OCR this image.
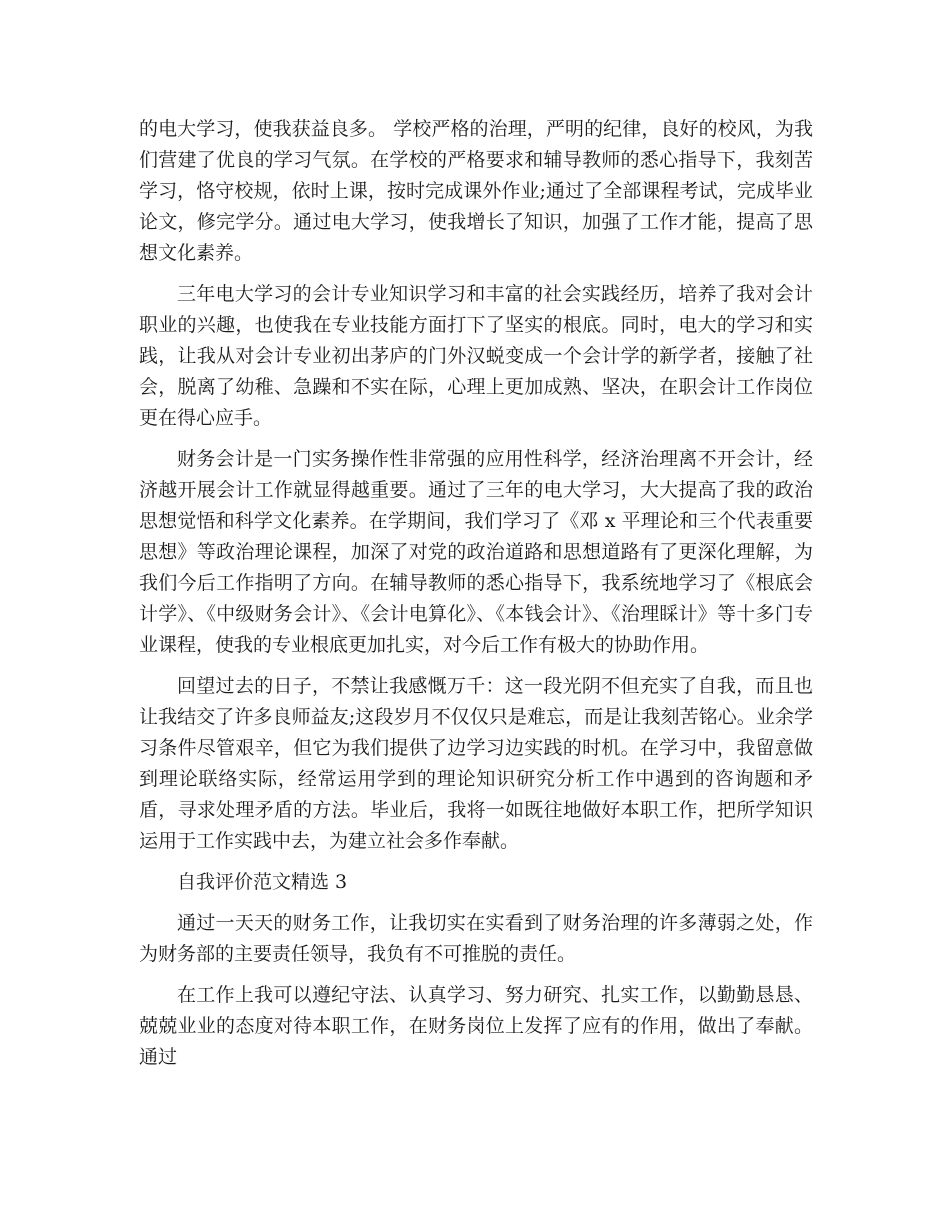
的电大学习，使我获益良多。 学校严格的治理，严明的纪律，良好的校风，为我们营建了优良的学习气氛。在学校的严格要求和辅导教师的悉心指导下，我刻苦学习，恪守校规，依时上课，按时完成课外作业;通过了全部课程考试，完成毕业论文，修完学分。通过电大学习，使我增长了知识，加强了工作才能，提高了思想文化素养。

三年电大学习的会计专业知识学习和丰富的社会实践经历，培养了我对会计职业的兴趣，也使我在专业技能方面打下了坚实的根底。同时，电大的学习和实践，让我从对会计专业初出茅庐的门外汉蜕变成一个会计学的新学者，接触了社会，脱离了幼稚、急躁和不实在际，心理上更加成熟、坚决，在职会计工作岗位更在得心应手。

财务会计是一门实务操作性非常强的应用性科学，经济治理离不开会计，经济越开展会计工作就显得越重要。通过了三年的电大学习，大大提高了我的政治思想觉悟和科学文化素养。在学期间，我们学习了《邓 x 平理论和三个代表重要思想》等政治理论课程，加深了对党的政治道路和思想道路有了更深化理解，为我们今后工作指明了方向。在辅导教师的悉心指导下，我系统地学习了《根底会计学》、《中级财务会计》、《会计电算化》、《本钱会计》、《治理睬计》等十多门专业课程，使我的专业根底更加扎实，对今后工作有极大的协助作用。

回望过去的日子，不禁让我感慨万千：这一段光阴不但充实了自我，而且也让我结交了许多良师益友;这段岁月不仅仅只是难忘，而是让我刻苦铭心。业余学习条件尽管艰辛，但它为我们提供了边学习边实践的时机。在学习中，我留意做到理论联络实际，经常运用学到的理论知识研究分析工作中遇到的咨询题和矛盾，寻求处理矛盾的方法。毕业后，我将一如既往地做好本职工作，把所学知识运用于工作实践中去，为建立社会多作奉献。

自我评价范文精选 3

通过一天天的财务工作，让我切实在实看到了财务治理的许多薄弱之处，作为财务部的主要责任领导，我负有不可推脱的责任。

在工作上我可以遵纪守法、认真学习、努力研究、扎实工作，以勤勤恳恳、兢兢业业的态度对待本职工作，在财务岗位上发挥了应有的作用，做出了奉献。通过
